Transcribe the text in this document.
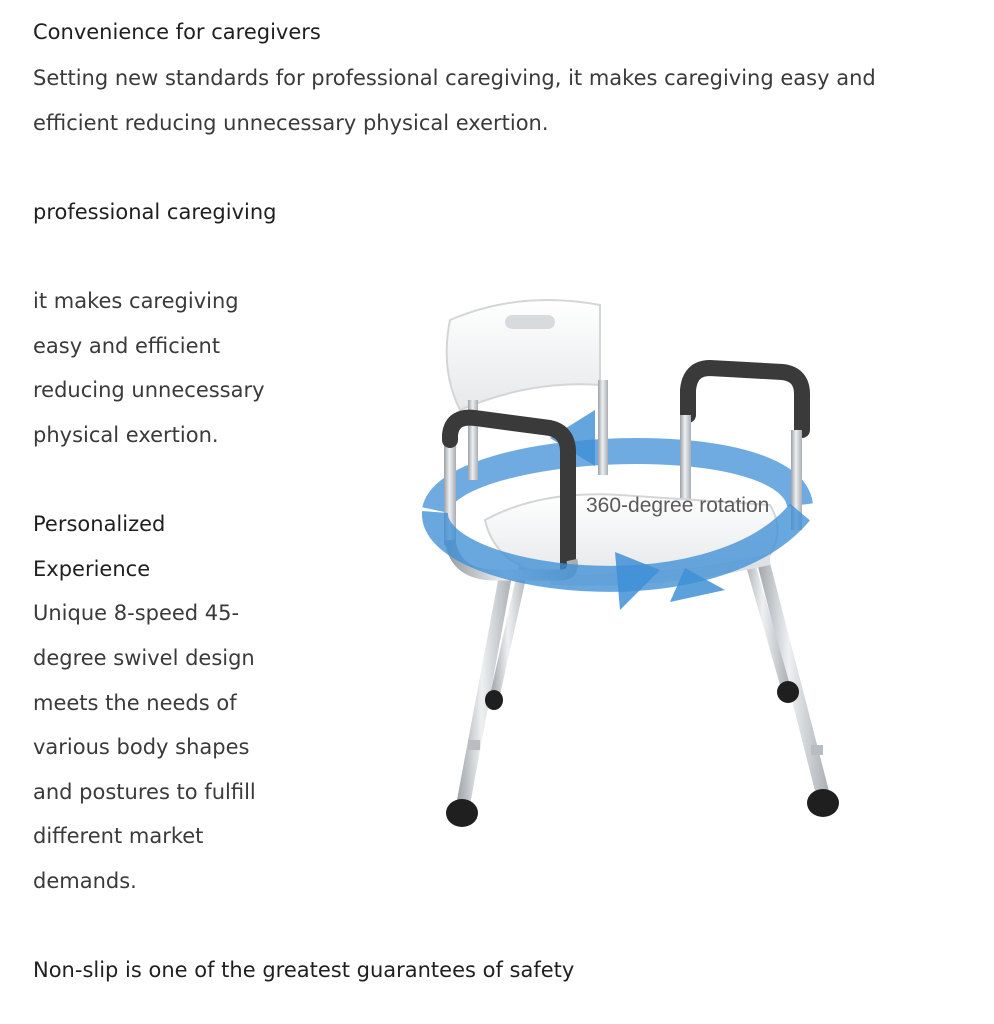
Convenience for caregivers
Setting new standards for professional caregiving, it makes caregiving easy and
efficient reducing unnecessary physical exertion.
professional caregiving
it makes caregiving
easy and efficient
reducing unnecessary
physical exertion.
Personalized
Experience
Unique 8-speed 45-
degree swivel design
meets the needs of
various body shapes
and postures to fulfill
different market
demands.
Non-slip is one of the greatest guarantees of safety
360-degree rotation
